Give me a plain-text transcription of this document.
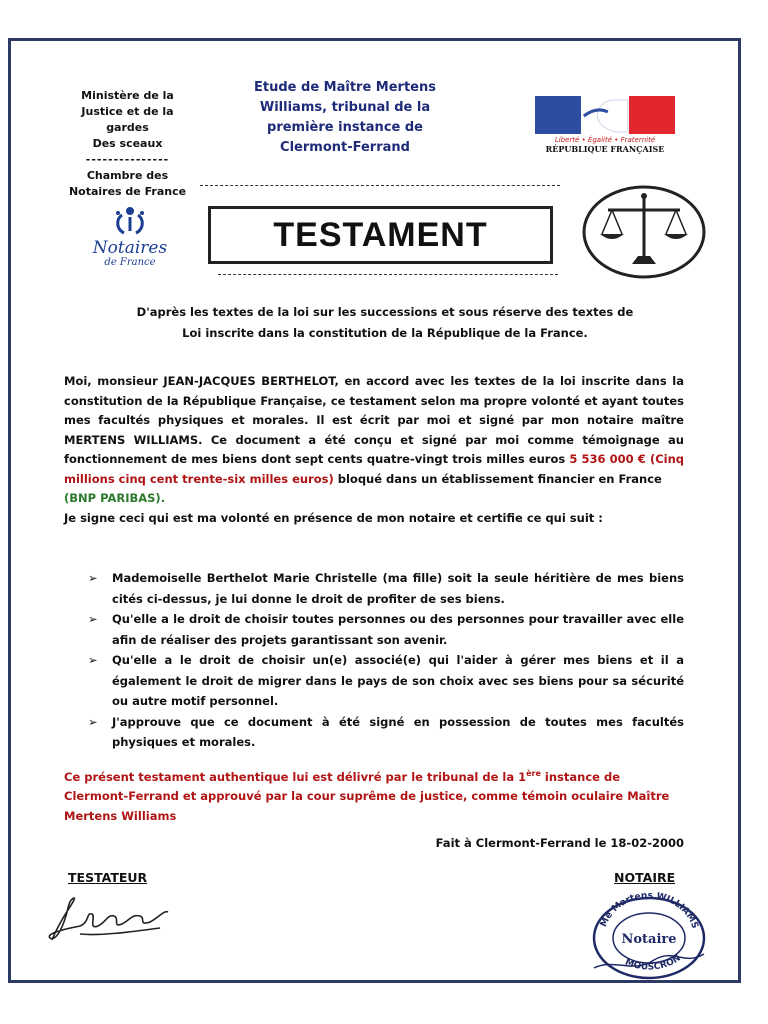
Ministère de la
Justice et de la gardes
Des sceaux
---------------
Chambre des
Notaires de France
Etude de Maître Mertens
Williams, tribunal de la
première instance de
Clermont-Ferrand	Liberté • Égalité • Fraternité
RÉPUBLIQUE FRANÇAISE
Notaires
de France
TESTAMENT
D'après les textes de la loi sur les successions et sous réserve des textes de
Loi inscrite dans la constitution de la République de la France.
Moi, monsieur JEAN-JACQUES BERTHELOT, en accord avec les textes de la loi inscrite dans la constitution de la République Française, ce testament selon ma propre volonté et ayant toutes mes facultés physiques et morales. Il est écrit par moi et signé par mon notaire maître MERTENS WILLIAMS. Ce document a été conçu et signé par moi comme témoignage au fonctionnement de mes biens dont sept cents quatre-vingt trois milles euros 5 536 000 € (Cinq millions cinq cent trente-six milles euros) bloqué dans un établissement financier en France
(BNP PARIBAS).
Je signe ceci qui est ma volonté en présence de mon notaire et certifie ce qui suit :
➢ Mademoiselle Berthelot Marie Christelle (ma fille) soit la seule héritière de mes biens cités ci-dessus, je lui donne le droit de profiter de ses biens.
➢ Qu'elle a le droit de choisir toutes personnes ou des personnes pour travailler avec elle afin de réaliser des projets garantissant son avenir.
➢ Qu'elle a le droit de choisir un(e) associé(e) qui l'aider à gérer mes biens et il a également le droit de migrer dans le pays de son choix avec ses biens pour sa sécurité ou autre motif personnel.
➢ J'approuve que ce document à été signé en possession de toutes mes facultés physiques et morales.
Ce présent testament authentique lui est délivré par le tribunal de la 1ère instance de Clermont-Ferrand et approuvé par la cour suprême de justice, comme témoin oculaire Maître Mertens Williams
Fait à Clermont-Ferrand le 18-02-2000
TESTATEUR	NOTAIRE
Me Martens WILLIAMS
Notaire
MOUSCRON
